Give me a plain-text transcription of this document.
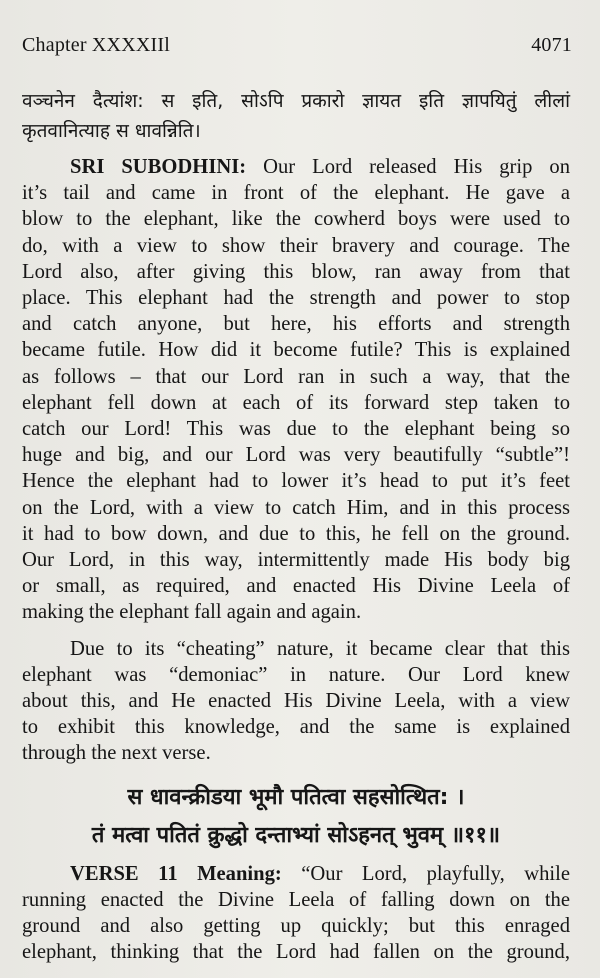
Chapter XXXXIIl	4071
वञ्चनेन दैत्यांश: स इति, सोऽपि प्रकारो ज्ञायत इति ज्ञापयितुं लीलां
कृतवानित्याह स धावन्निति।
SRI SUBODHINI: Our Lord released His grip on
it’s tail and came in front of the elephant. He gave a
blow to the elephant, like the cowherd boys were used to
do, with a view to show their bravery and courage. The
Lord also, after giving this blow, ran away from that
place. This elephant had the strength and power to stop
and catch anyone, but here, his efforts and strength
became futile. How did it become futile? This is explained
as follows – that our Lord ran in such a way, that the
elephant fell down at each of its forward step taken to
catch our Lord! This was due to the elephant being so
huge and big, and our Lord was very beautifully “subtle”!
Hence the elephant had to lower it’s head to put it’s feet
on the Lord, with a view to catch Him, and in this process
it had to bow down, and due to this, he fell on the ground.
Our Lord, in this way, intermittently made His body big
or small, as required, and enacted His Divine Leela of
making the elephant fall again and again.
Due to its “cheating” nature, it became clear that this
elephant was “demoniac” in nature. Our Lord knew
about this, and He enacted His Divine Leela, with a view
to exhibit this knowledge, and the same is explained
through the next verse.
स धावन्क्रीडया भूमौ पतित्वा सहसोत्थित: ।
तं मत्वा पतितं क्रुद्धो दन्ताभ्यां सोऽहनत् भुवम् ॥११॥
VERSE 11 Meaning: “Our Lord, playfully, while
running enacted the Divine Leela of falling down on the
ground and also getting up quickly; but this enraged
elephant, thinking that the Lord had fallen on the ground,
